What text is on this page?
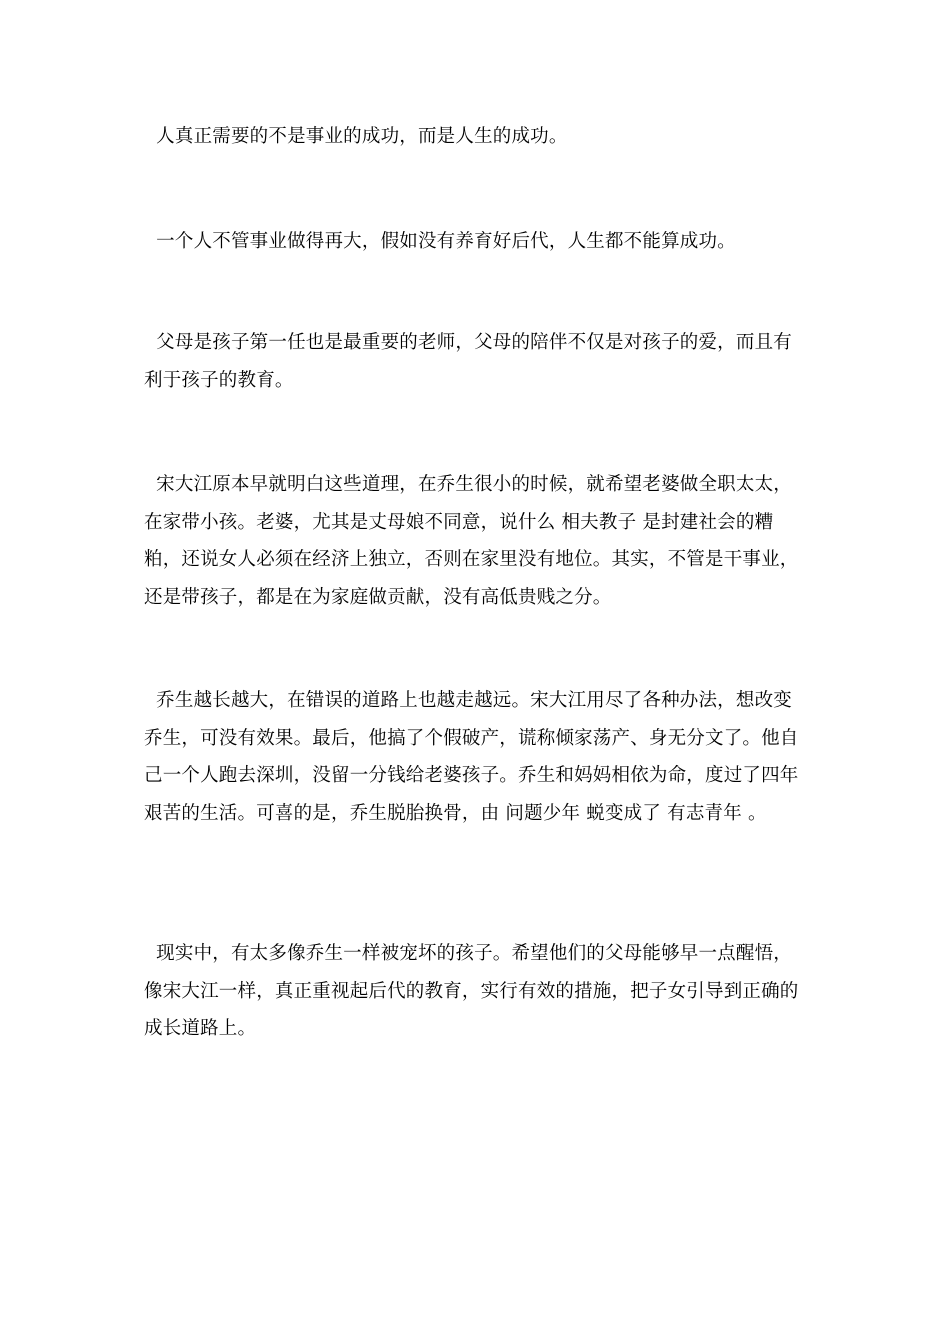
人真正需要的不是事业的成功，而是人生的成功。

一个人不管事业做得再大，假如没有养育好后代，人生都不能算成功。

父母是孩子第一任也是最重要的老师，父母的陪伴不仅是对孩子的爱，而且有利于孩子的教育。

宋大江原本早就明白这些道理，在乔生很小的时候，就希望老婆做全职太太，在家带小孩。老婆，尤其是丈母娘不同意，说什么 相夫教子 是封建社会的糟粕，还说女人必须在经济上独立，否则在家里没有地位。其实，不管是干事业，还是带孩子，都是在为家庭做贡献，没有高低贵贱之分。

乔生越长越大，在错误的道路上也越走越远。宋大江用尽了各种办法，想改变乔生，可没有效果。最后，他搞了个假破产，谎称倾家荡产、身无分文了。他自己一个人跑去深圳，没留一分钱给老婆孩子。乔生和妈妈相依为命，度过了四年艰苦的生活。可喜的是，乔生脱胎换骨，由 问题少年 蜕变成了 有志青年 。

现实中，有太多像乔生一样被宠坏的孩子。希望他们的父母能够早一点醒悟，像宋大江一样，真正重视起后代的教育，实行有效的措施，把子女引导到正确的成长道路上。
